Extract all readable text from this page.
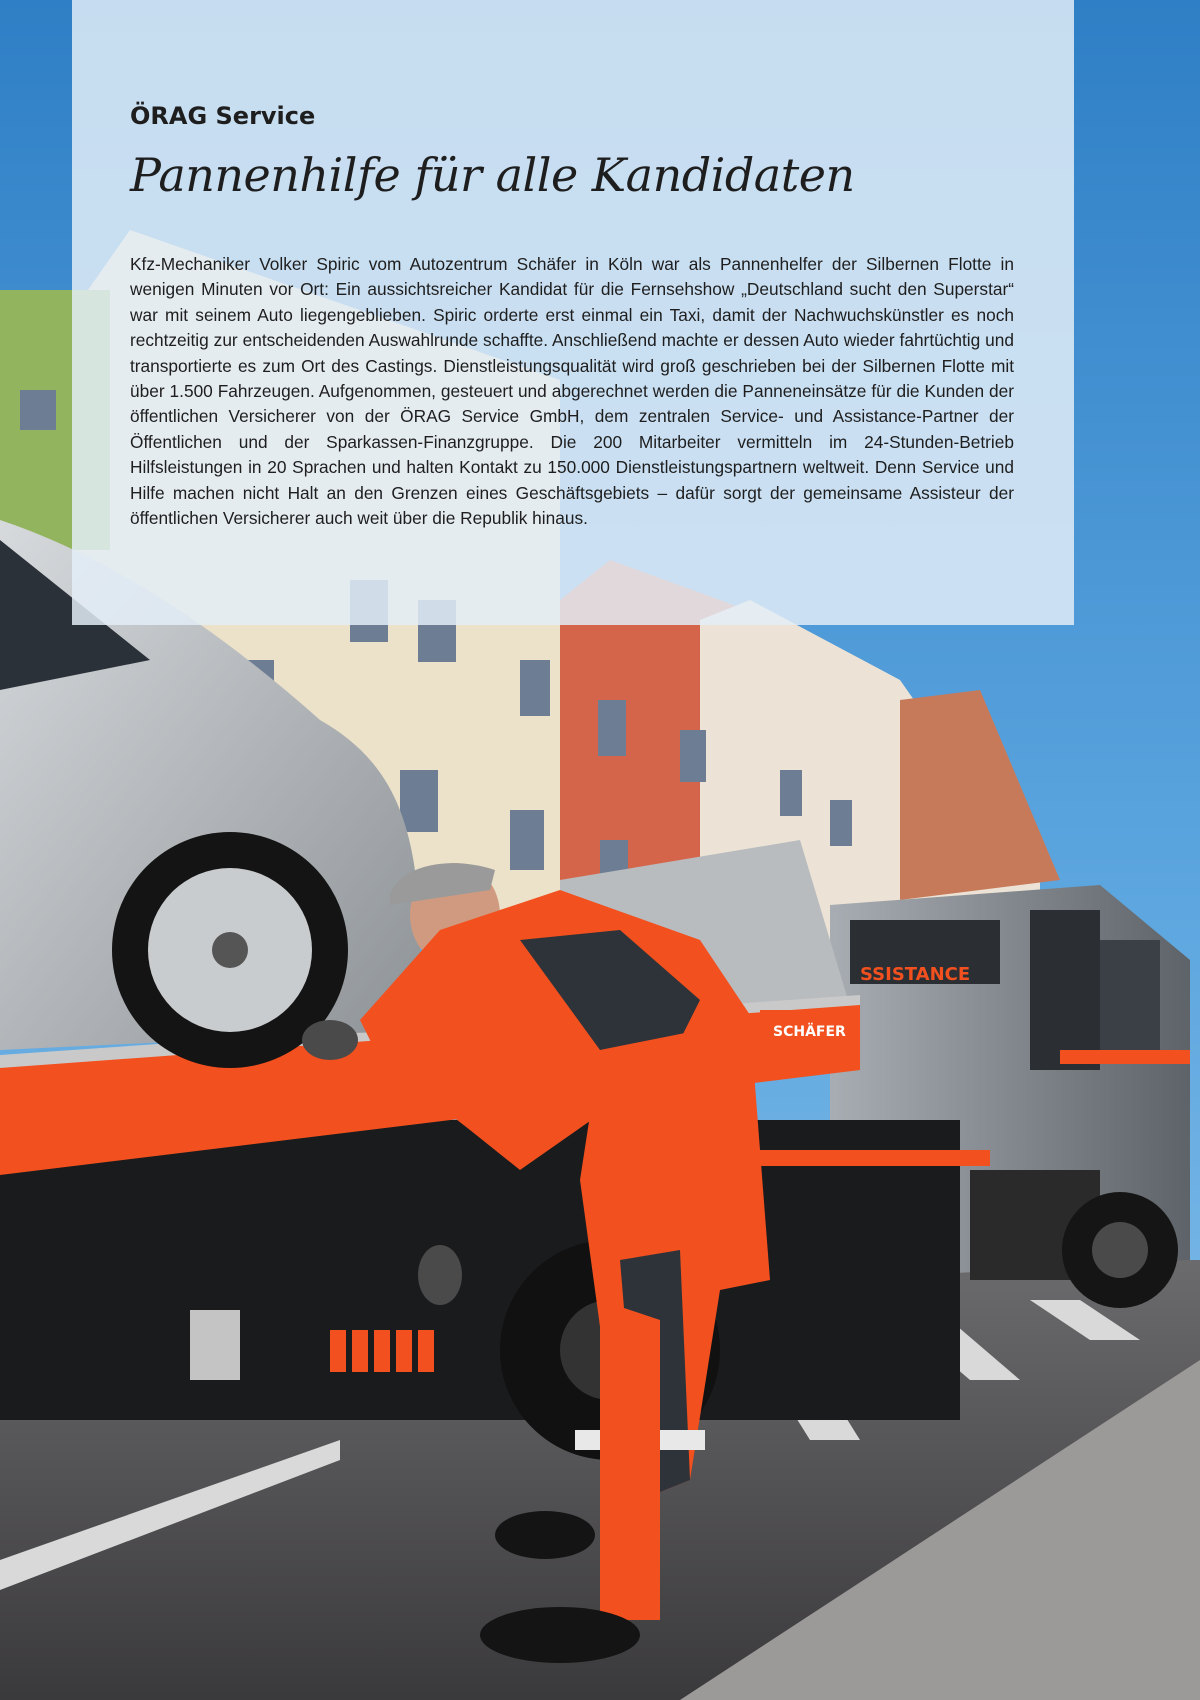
SSISTANCE
SCHÄFER

ÖRAG Service

Pannenhilfe für alle Kandidaten

Kfz-Mechaniker Volker Spiric vom Autozentrum Schäfer in Köln war als Pannenhelfer der Silbernen Flotte in wenigen Minuten vor Ort: Ein aussichtsreicher Kandidat für die Fernsehshow „Deutschland sucht den Superstar“ war mit seinem Auto liegengeblieben. Spiric orderte erst einmal ein Taxi, damit der Nachwuchskünstler es noch rechtzeitig zur entscheidenden Auswahlrunde schaffte. Anschließend machte er dessen Auto wieder fahrtüchtig und transportierte es zum Ort des Castings. Dienstleistungsqualität wird groß geschrieben bei der Silbernen Flotte mit über 1.500 Fahrzeugen. Aufgenommen, gesteuert und abgerechnet werden die Panneneinsätze für die Kunden der öffentlichen Versicherer von der ÖRAG Service GmbH, dem zentralen Service- und Assistance-Partner der Öffentlichen und der Sparkassen-Finanzgruppe. Die 200 Mitarbeiter vermitteln im 24-Stunden-Betrieb Hilfsleistungen in 20 Sprachen und halten Kontakt zu 150.000 Dienstleistungspartnern weltweit. Denn Service und Hilfe machen nicht Halt an den Grenzen eines Geschäftsgebiets – dafür sorgt der gemeinsame Assisteur der öffentlichen Versicherer auch weit über die Republik hinaus.
